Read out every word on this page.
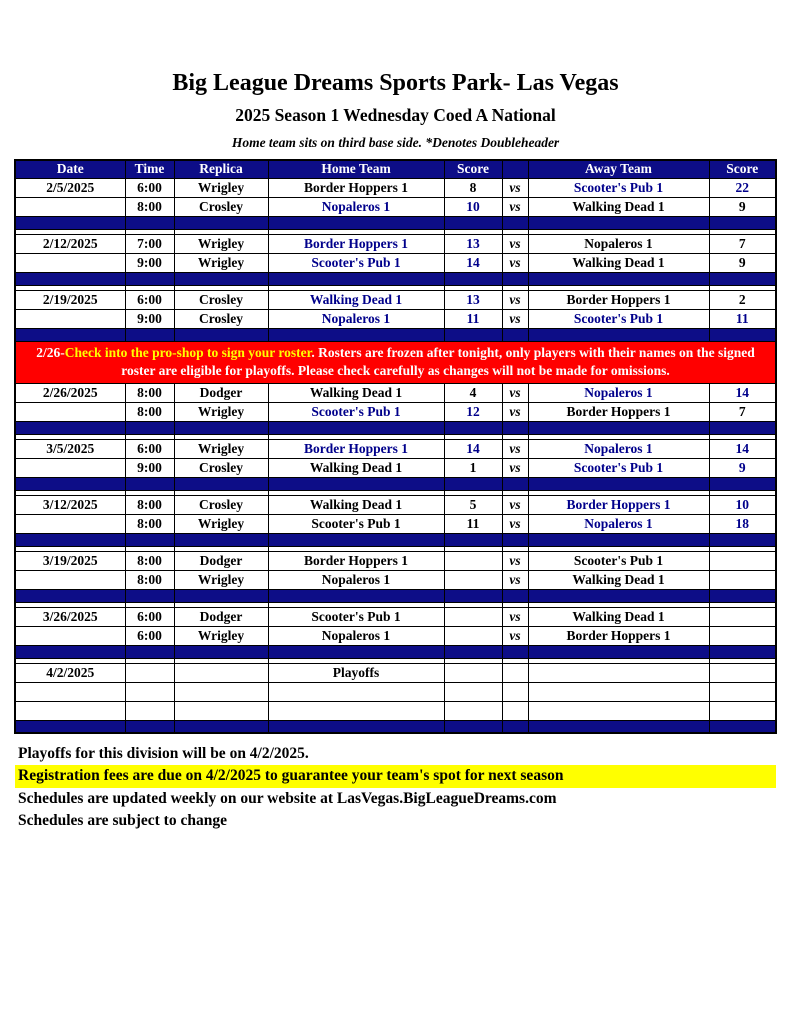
Big League Dreams Sports Park- Las Vegas
2025 Season 1 Wednesday Coed A National
Home team sits on third base side. *Denotes Doubleheader
Date	Time	Replica	Home Team	Score		Away Team	Score
2/5/2025	6:00	Wrigley	Border Hoppers 1	8	vs	Scooter's Pub 1	22
	8:00	Crosley	Nopaleros 1	10	vs	Walking Dead 1	9

2/12/2025	7:00	Wrigley	Border Hoppers 1	13	vs	Nopaleros 1	7
	9:00	Wrigley	Scooter's Pub 1	14	vs	Walking Dead 1	9

2/19/2025	6:00	Crosley	Walking Dead 1	13	vs	Border Hoppers 1	2
	9:00	Crosley	Nopaleros 1	11	vs	Scooter's Pub 1	11

2/26-Check into the pro-shop to sign your roster. Rosters are frozen after tonight, only players with their names on the signed roster are eligible for playoffs. Please check carefully as changes will not be made for omissions.							
2/26/2025	8:00	Dodger	Walking Dead 1	4	vs	Nopaleros 1	14
	8:00	Wrigley	Scooter's Pub 1	12	vs	Border Hoppers 1	7

3/5/2025	6:00	Wrigley	Border Hoppers 1	14	vs	Nopaleros 1	14
	9:00	Crosley	Walking Dead 1	1	vs	Scooter's Pub 1	9

3/12/2025	8:00	Crosley	Walking Dead 1	5	vs	Border Hoppers 1	10
	8:00	Wrigley	Scooter's Pub 1	11	vs	Nopaleros 1	18

3/19/2025	8:00	Dodger	Border Hoppers 1		vs	Scooter's Pub 1	
	8:00	Wrigley	Nopaleros 1		vs	Walking Dead 1	

3/26/2025	6:00	Dodger	Scooter's Pub 1		vs	Walking Dead 1	
	6:00	Wrigley	Nopaleros 1		vs	Border Hoppers 1	

4/2/2025			Playoffs				

Playoffs for this division will be on 4/2/2025.
Registration fees are due on 4/2/2025 to guarantee your team's spot for next season
Schedules are updated weekly on our website at LasVegas.BigLeagueDreams.com
Schedules are subject to change
